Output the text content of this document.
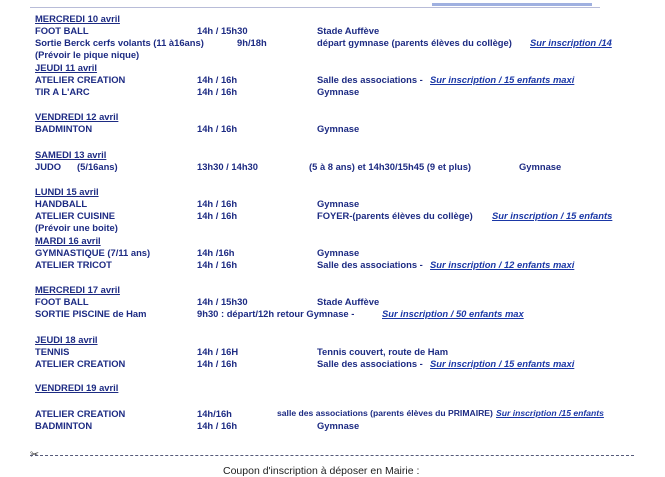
MERCREDI 10 avril
FOOT BALL	14h / 15h30	Stade Auffève
Sortie Berck cerfs volants (11 à16ans)	9h/18h	départ gymnase (parents élèves du collège) Sur inscription /14
(Prévoir le pique nique)
JEUDI 11 avril
ATELIER CREATION	14h / 16h	Salle des associations - Sur inscription / 15 enfants maxi
TIR A L'ARC	14h / 16h	Gymnase
VENDREDI 12 avril
BADMINTON	14h / 16h	Gymnase
SAMEDI 13 avril
JUDO (5/16ans)	13h30 / 14h30	(5 à 8 ans) et 14h30/15h45 (9 et plus)	Gymnase
LUNDI 15 avril
HANDBALL	14h / 16h	Gymnase
ATELIER CUISINE	14h / 16h	FOYER-(parents élèves du collège) Sur inscription / 15 enfants
(Prévoir une boite)
MARDI 16 avril
GYMNASTIQUE (7/11 ans)	14h /16h	Gymnase
ATELIER TRICOT	14h / 16h	Salle des associations - Sur inscription / 12 enfants maxi
MERCREDI 17 avril
FOOT BALL	14h / 15h30	Stade Auffève
SORTIE PISCINE de Ham	9h30 : départ/12h retour Gymnase -	Sur inscription / 50 enfants max
JEUDI 18 avril
TENNIS	14h / 16H	Tennis couvert, route de Ham
ATELIER CREATION	14h / 16h	Salle des associations - Sur inscription / 15 enfants maxi
VENDREDI 19 avril
ATELIER CREATION	14h/16h	salle des associations (parents élèves du PRIMAIRE) Sur inscription /15 enfants
BADMINTON	14h / 16h	Gymnase
✂
Coupon d'inscription à déposer en Mairie :
